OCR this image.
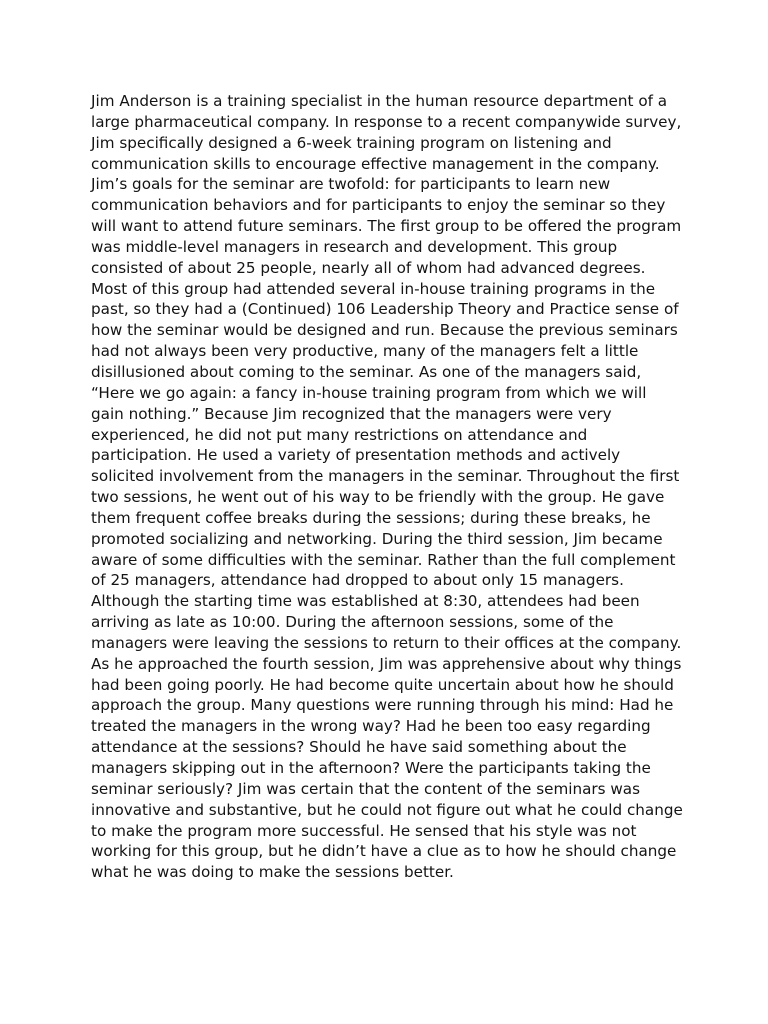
Jim Anderson is a training specialist in the human resource department of a
large pharmaceutical company. In response to a recent companywide survey,
Jim specifically designed a 6-week training program on listening and
communication skills to encourage effective management in the company.
Jim’s goals for the seminar are twofold: for participants to learn new
communication behaviors and for participants to enjoy the seminar so they
will want to attend future seminars. The first group to be offered the program
was middle-level managers in research and development. This group
consisted of about 25 people, nearly all of whom had advanced degrees.
Most of this group had attended several in-house training programs in the
past, so they had a (Continued) 106 Leadership Theory and Practice sense of
how the seminar would be designed and run. Because the previous seminars
had not always been very productive, many of the managers felt a little
disillusioned about coming to the seminar. As one of the managers said,
“Here we go again: a fancy in-house training program from which we will
gain nothing.” Because Jim recognized that the managers were very
experienced, he did not put many restrictions on attendance and
participation. He used a variety of presentation methods and actively
solicited involvement from the managers in the seminar. Throughout the first
two sessions, he went out of his way to be friendly with the group. He gave
them frequent coffee breaks during the sessions; during these breaks, he
promoted socializing and networking. During the third session, Jim became
aware of some difficulties with the seminar. Rather than the full complement
of 25 managers, attendance had dropped to about only 15 managers.
Although the starting time was established at 8:30, attendees had been
arriving as late as 10:00. During the afternoon sessions, some of the
managers were leaving the sessions to return to their offices at the company.
As he approached the fourth session, Jim was apprehensive about why things
had been going poorly. He had become quite uncertain about how he should
approach the group. Many questions were running through his mind: Had he
treated the managers in the wrong way? Had he been too easy regarding
attendance at the sessions? Should he have said something about the
managers skipping out in the afternoon? Were the participants taking the
seminar seriously? Jim was certain that the content of the seminars was
innovative and substantive, but he could not figure out what he could change
to make the program more successful. He sensed that his style was not
working for this group, but he didn’t have a clue as to how he should change
what he was doing to make the sessions better.
